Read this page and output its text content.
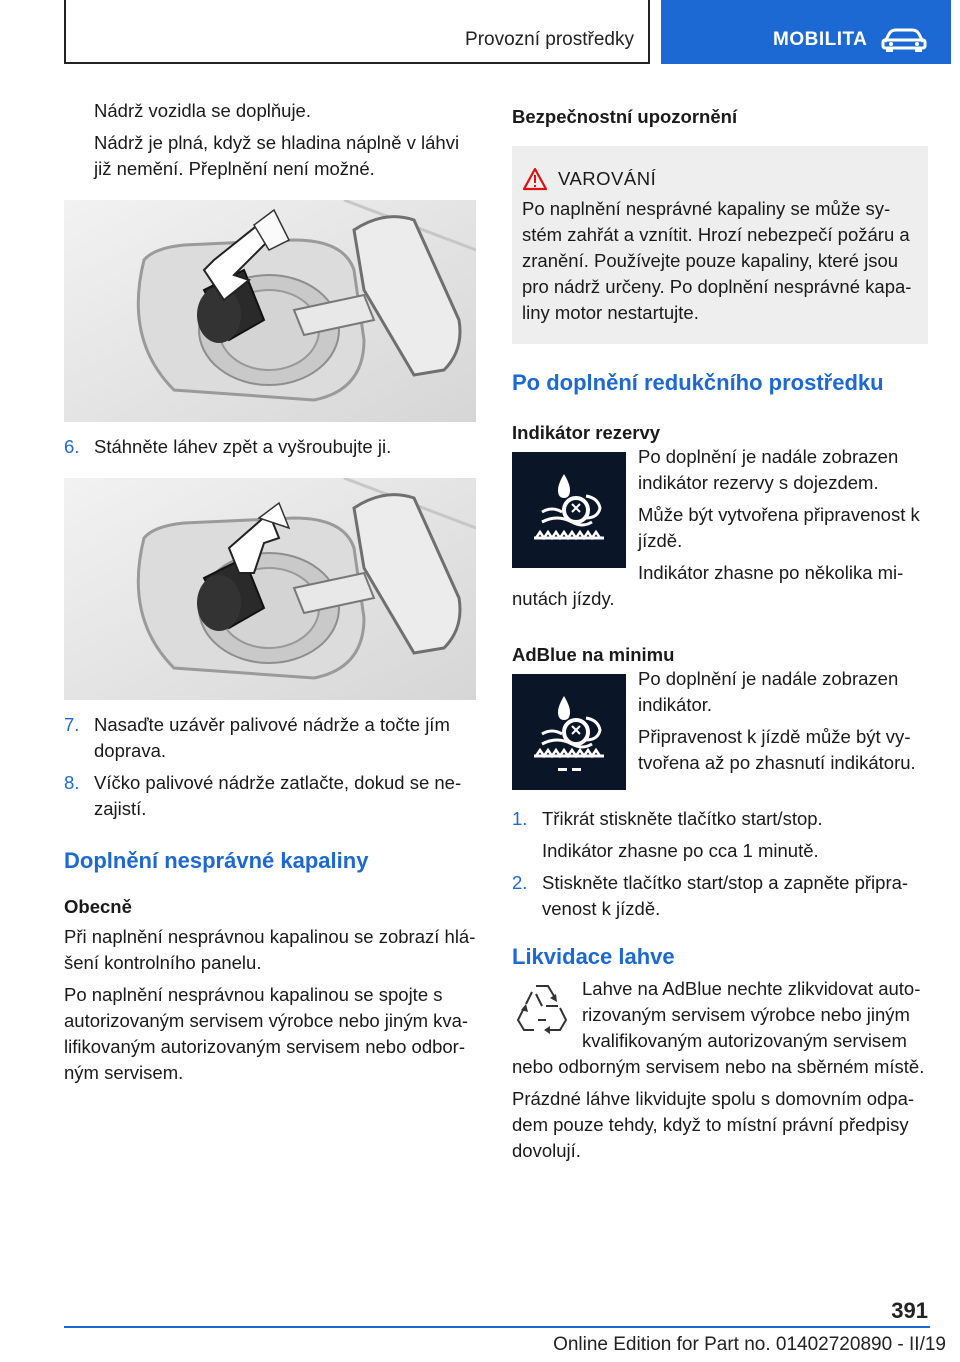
Provozní prostředky	MOBILITA

Nádrž vozidla se doplňuje.

Nádrž je plná, když se hladina náplně v láhvi již nemění. Přeplnění není možné.

6. Stáhněte láhev zpět a vyšroubujte ji.
7. Nasaďte uzávěr palivové nádrže a točte jím doprava.
8. Víčko palivové nádrže zatlačte, dokud se nezajistí.
Doplnění nesprávné kapaliny
Obecně

Při naplnění nesprávnou kapalinou se zobrazí hlášení kontrolního panelu.

Po naplnění nesprávnou kapalinou se spojte s autorizovaným servisem výrobce nebo jiným kvalifikovaným autorizovaným servisem nebo odborným servisem.

Bezpečnostní upozornění
VAROVÁNÍ

Po naplnění nesprávné kapaliny se může systém zahřát a vznítit. Hrozí nebezpečí požáru a zranění. Používejte pouze kapaliny, které jsou pro nádrž určeny. Po doplnění nesprávné kapaliny motor nestartujte.

Po doplnění redukčního prostředku
Indikátor rezervy

Po doplnění je nadále zobrazen indikátor rezervy s dojezdem.

Může být vytvořena připravenost k jízdě.

Indikátor zhasne po několika minutách jízdy.

AdBlue na minimu

Po doplnění je nadále zobrazen indikátor.

Připravenost k jízdě může být vytvořena až po zhasnutí indikátoru.

1. Třikrát stiskněte tlačítko start/stop.

Indikátor zhasne po cca 1 minutě.

2. Stiskněte tlačítko start/stop a zapněte připravenost k jízdě.
Likvidace lahve

Lahve na AdBlue nechte zlikvidovat autorizovaným servisem výrobce nebo jiným kvalifikovaným autorizovaným servisem nebo odborným servisem nebo na sběrném místě.

Prázdné láhve likvidujte spolu s domovním odpadem pouze tehdy, když to místní právní předpisy dovolují.

391
Online Edition for Part no. 01402720890 - II/19
